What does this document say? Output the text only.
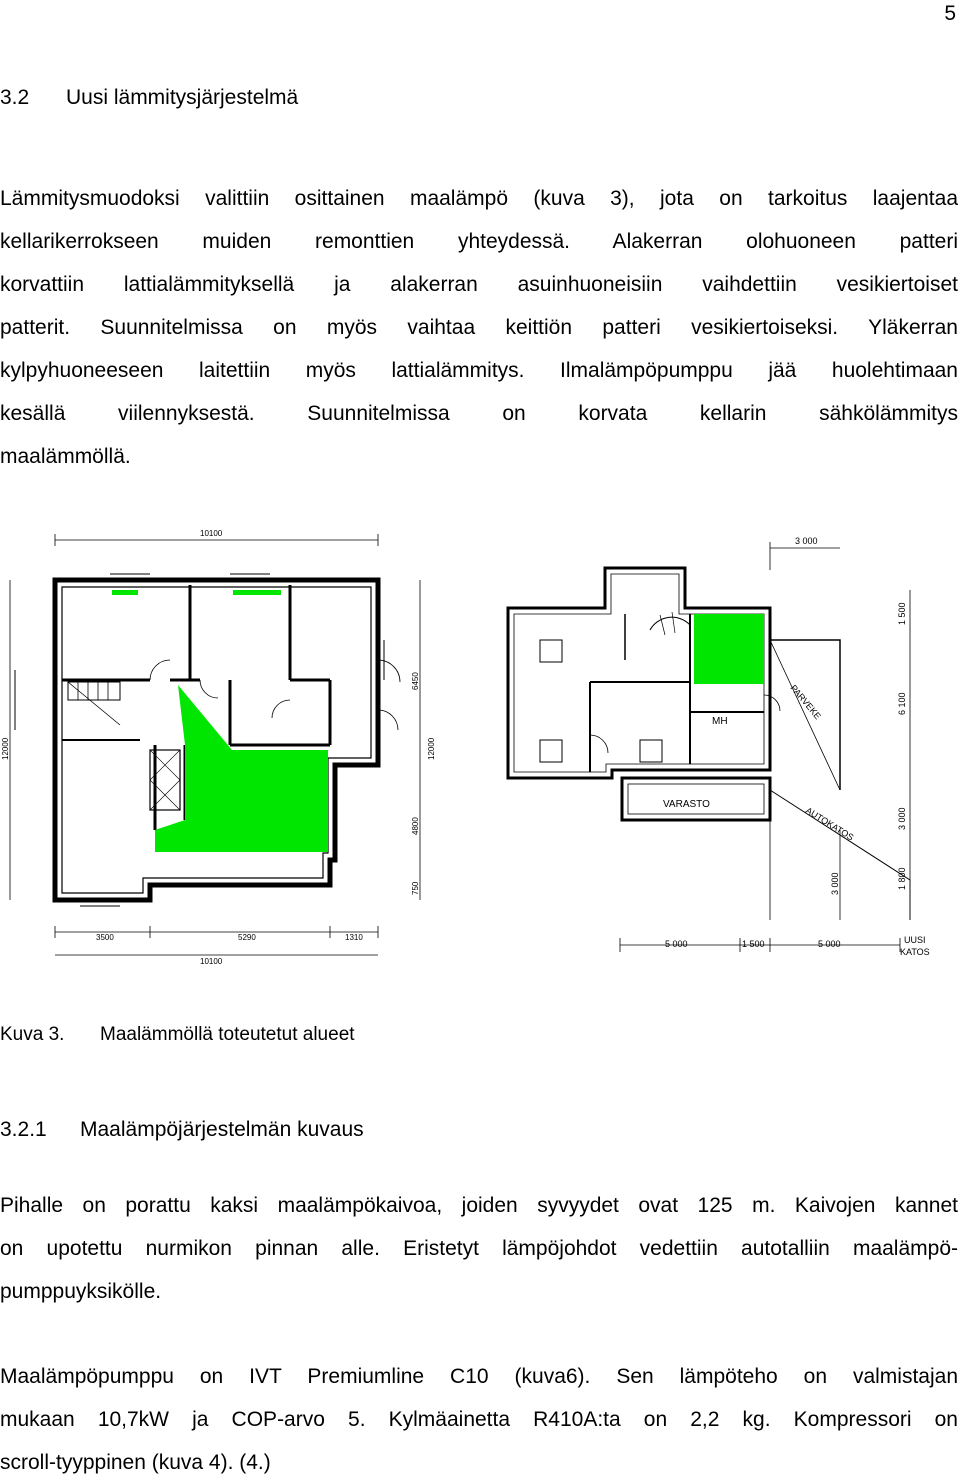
5
3.2 Uusi lämmitysjärjestelmä
Lämmitysmuodoksi valittiin osittainen maalämpö (kuva 3), jota on tarkoitus laajentaa
kellarikerrokseen muiden remonttien yhteydessä. Alakerran olohuoneen patteri
korvattiin lattialämmityksellä ja alakerran asuinhuoneisiin vaihdettiin vesikiertoiset
patterit. Suunnitelmissa on myös vaihtaa keittiön patteri vesikiertoiseksi. Yläkerran
kylpyhuoneeseen laitettiin myös lattialämmitys. Ilmalämpöpumppu jää huolehtimaan
kesällä viilennyksestä. Suunnitelmissa on korvata kellarin sähkölämmitys
maalämmöllä.
10100
12000
6450
12000
4800
750
3500	5290	1310
10100
3 000
VARASTO
MH
PARVEKE
AUTOKATOS
1 500
6 100
3 000
1 800
3 000
5 000	1 500	5 000	UUSI
KATOS
Kuva 3. Maalämmöllä toteutetut alueet
3.2.1 Maalämpöjärjestelmän kuvaus
Pihalle on porattu kaksi maalämpökaivoa, joiden syvyydet ovat 125 m. Kaivojen kannet
on upotettu nurmikon pinnan alle. Eristetyt lämpöjohdot vedettiin autotalliin maalämpö-
pumppuyksikölle.
Maalämpöpumppu on IVT Premiumline C10 (kuva6). Sen lämpöteho on valmistajan
mukaan 10,7kW ja COP-arvo 5. Kylmäainetta R410A:ta on 2,2 kg. Kompressori on
scroll-tyyppinen (kuva 4). (4.)
